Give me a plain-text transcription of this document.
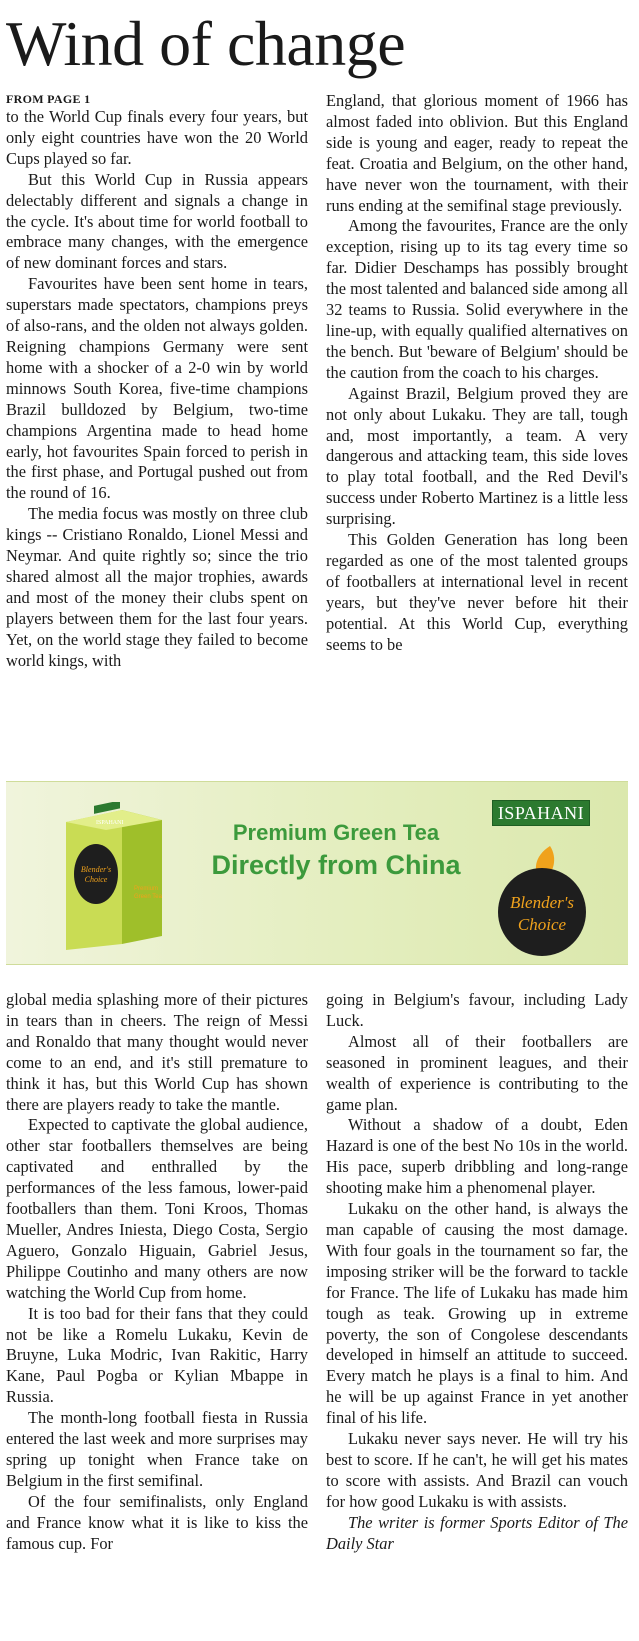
Wind of change
FROM PAGE 1

to the World Cup finals every four years, but only eight countries have won the 20 World Cups played so far.

But this World Cup in Russia appears delectably different and signals a change in the cycle. It's about time for world football to embrace many changes, with the emergence of new dominant forces and stars.

Favourites have been sent home in tears, superstars made spectators, champions preys of also-rans, and the olden not always golden. Reigning champions Germany were sent home with a shocker of a 2-0 win by world minnows South Korea, five-time champions Brazil bulldozed by Belgium, two-time champions Argentina made to head home early, hot favourites Spain forced to perish in the first phase, and Portugal pushed out from the round of 16.

The media focus was mostly on three club kings -- Cristiano Ronaldo, Lionel Messi and Neymar. And quite rightly so; since the trio shared almost all the major trophies, awards and most of the money their clubs spent on players between them for the last four years. Yet, on the world stage they failed to become world kings, with

England, that glorious moment of 1966 has almost faded into oblivion. But this England side is young and eager, ready to repeat the feat. Croatia and Belgium, on the other hand, have never won the tournament, with their runs ending at the semifinal stage previously.

Among the favourites, France are the only exception, rising up to its tag every time so far. Didier Deschamps has possibly brought the most talented and balanced side among all 32 teams to Russia. Solid everywhere in the line-up, with equally qualified alternatives on the bench. But 'beware of Belgium' should be the caution from the coach to his charges.

Against Brazil, Belgium proved they are not only about Lukaku. They are tall, tough and, most importantly, a team. A very dangerous and attacking team, this side loves to play total football, and the Red Devil's success under Roberto Martinez is a little less surprising.

This Golden Generation has long been regarded as one of the most talented groups of footballers at international level in recent years, but they've never before hit their potential. At this World Cup, everything seems to be

ISPAHANI
Blender's
Choice
Premium
Green Tea
Premium Green Tea
Directly from China
ISPAHANI
Blender's
Choice

global media splashing more of their pictures in tears than in cheers. The reign of Messi and Ronaldo that many thought would never come to an end, and it's still premature to think it has, but this World Cup has shown there are players ready to take the mantle.

Expected to captivate the global audience, other star footballers themselves are being captivated and enthralled by the performances of the less famous, lower-paid footballers than them. Toni Kroos, Thomas Mueller, Andres Iniesta, Diego Costa, Sergio Aguero, Gonzalo Higuain, Gabriel Jesus, Philippe Coutinho and many others are now watching the World Cup from home.

It is too bad for their fans that they could not be like a Romelu Lukaku, Kevin de Bruyne, Luka Modric, Ivan Rakitic, Harry Kane, Paul Pogba or Kylian Mbappe in Russia.

The month-long football fiesta in Russia entered the last week and more surprises may spring up tonight when France take on Belgium in the first semifinal.

Of the four semifinalists, only England and France know what it is like to kiss the famous cup. For

going in Belgium's favour, including Lady Luck.

Almost all of their footballers are seasoned in prominent leagues, and their wealth of experience is contributing to the game plan.

Without a shadow of a doubt, Eden Hazard is one of the best No 10s in the world. His pace, superb dribbling and long-range shooting make him a phenomenal player.

Lukaku on the other hand, is always the man capable of causing the most damage. With four goals in the tournament so far, the imposing striker will be the forward to tackle for France. The life of Lukaku has made him tough as teak. Growing up in extreme poverty, the son of Congolese descendants developed in himself an attitude to succeed. Every match he plays is a final to him. And he will be up against France in yet another final of his life.

Lukaku never says never. He will try his best to score. If he can't, he will get his mates to score with assists. And Brazil can vouch for how good Lukaku is with assists.

The writer is former Sports Editor of The Daily Star
